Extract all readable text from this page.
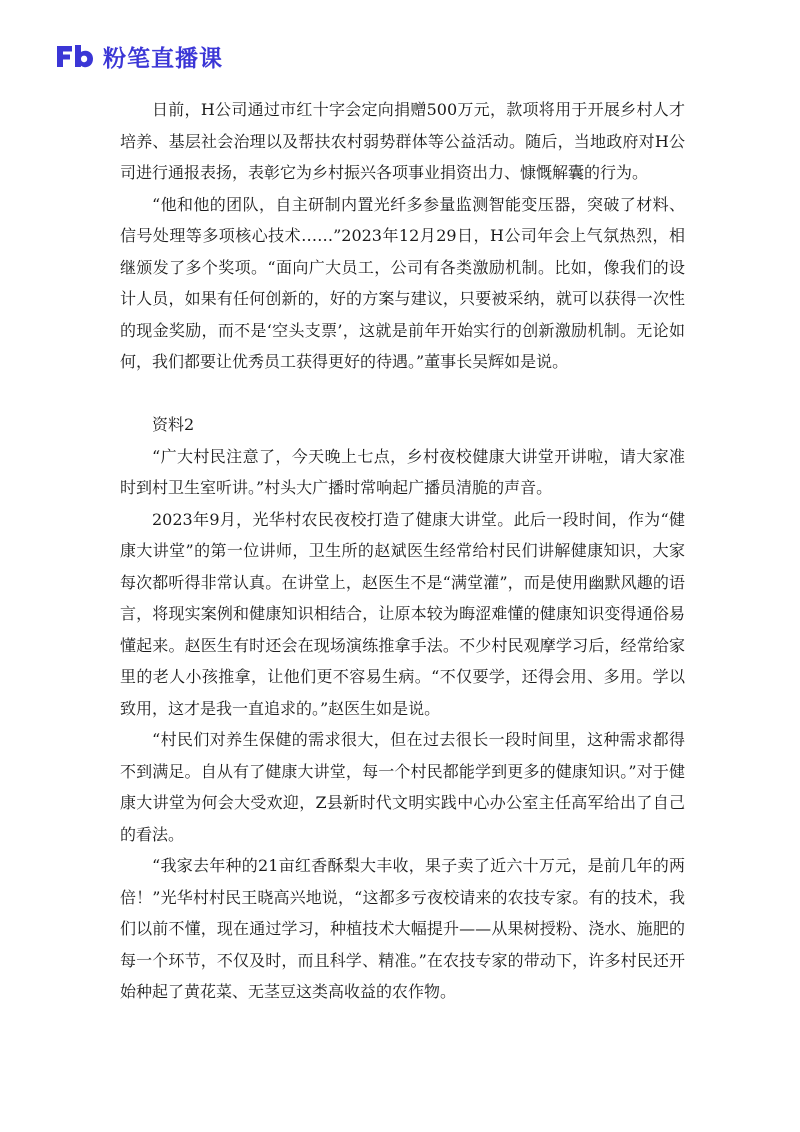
粉笔直播课

日前，H公司通过市红十字会定向捐赠500万元，款项将用于开展乡村人才培养、基层社会治理以及帮扶农村弱势群体等公益活动。随后，当地政府对H公司进行通报表扬，表彰它为乡村振兴各项事业捐资出力、慷慨解囊的行为。

“他和他的团队，自主研制内置光纤多参量监测智能变压器，突破了材料、信号处理等多项核心技术……”2023年12月29日，H公司年会上气氛热烈，相继颁发了多个奖项。“面向广大员工，公司有各类激励机制。比如，像我们的设计人员，如果有任何创新的，好的方案与建议，只要被采纳，就可以获得一次性的现金奖励，而不是‘空头支票’，这就是前年开始实行的创新激励机制。无论如何，我们都要让优秀员工获得更好的待遇。”董事长吴辉如是说。

资料2

“广大村民注意了，今天晚上七点，乡村夜校健康大讲堂开讲啦，请大家准时到村卫生室听讲。”村头大广播时常响起广播员清脆的声音。

2023年9月，光华村农民夜校打造了健康大讲堂。此后一段时间，作为“健康大讲堂”的第一位讲师，卫生所的赵斌医生经常给村民们讲解健康知识，大家每次都听得非常认真。在讲堂上，赵医生不是“满堂灌”，而是使用幽默风趣的语言，将现实案例和健康知识相结合，让原本较为晦涩难懂的健康知识变得通俗易懂起来。赵医生有时还会在现场演练推拿手法。不少村民观摩学习后，经常给家里的老人小孩推拿，让他们更不容易生病。“不仅要学，还得会用、多用。学以致用，这才是我一直追求的。”赵医生如是说。

“村民们对养生保健的需求很大，但在过去很长一段时间里，这种需求都得不到满足。自从有了健康大讲堂，每一个村民都能学到更多的健康知识。”对于健康大讲堂为何会大受欢迎，Z县新时代文明实践中心办公室主任高军给出了自己的看法。

“我家去年种的21亩红香酥梨大丰收，果子卖了近六十万元，是前几年的两倍！”光华村村民王晓高兴地说，“这都多亏夜校请来的农技专家。有的技术，我们以前不懂，现在通过学习，种植技术大幅提升——从果树授粉、浇水、施肥的每一个环节，不仅及时，而且科学、精准。”在农技专家的带动下，许多村民还开始种起了黄花菜、无茎豆这类高收益的农作物。
